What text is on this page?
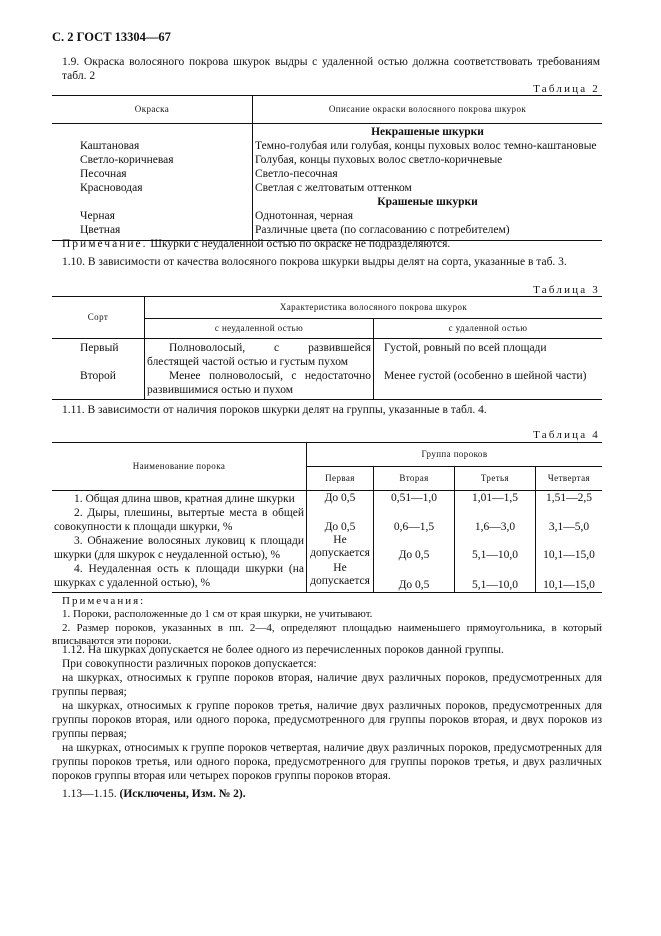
С. 2 ГОСТ 13304—67
1.9. Окраска волосяного покрова шкурок выдры с удаленной остью должна соответствовать требованиям табл. 2
Таблица 2
Окраска	Описание окраски волосяного покрова шкурок
	Некрашеные шкурки
Каштановая	Темно-голубая или голубая, концы пуховых волос темно-каштановые
Светло-коричневая	Голубая, концы пуховых волос светло-коричневые
Песочная	Светло-песочная
Красноводая	Светлая с желтоватым оттенком
	Крашеные шкурки
Черная	Однотонная, черная
Цветная	Различные цвета (по согласованию с потребителем)
Примечание. Шкурки с неудаленной остью по окраске не подразделяются.
1.10. В зависимости от качества волосяного покрова шкурки выдры делят на сорта, указанные в таб. 3.
Таблица 3
Сорт	Характеристика волосяного покрова шкурок	
	с неудаленной остью	с удаленной остью
Первый	Полноволосый, с развившейся блестящей частой остью и густым пухом	Густой, ровный по всей площади
Второй	Менее полноволосый, с недостаточно развившимися остью и пухом	Менее густой (особенно в шейной части)
1.11. В зависимости от наличия пороков шкурки делят на группы, указанные в табл. 4.
Таблица 4
Наименование порока	Группа пороков			
	Первая	Вторая	Третья	Четвертая
1. Общая длина швов, кратная длине шкурки	До 0,5	0,51—1,0	1,01—1,5	1,51—2,5
2. Дыры, плешины, вытертые места в общей совокупности к площади шкурки, %	До 0,5	0,6—1,5	1,6—3,0	3,1—5,0
3. Обнажение волосяных луковиц к площади шкурки (для шкурок с неудаленной остью), %	Не допускается	До 0,5	5,1—10,0	10,1—15,0
4. Неудаленная ость к площади шкурки (на шкурках с удаленной остью), %	Не допускается	До 0,5	5,1—10,0	10,1—15,0

Примечания:

1. Пороки, расположенные до 1 см от края шкурки, не учитывают.

2. Размер пороков, указанных в пп. 2—4, определяют площадью наименьшего прямоугольника, в который вписываются эти пороки.

1.12. На шкурках допускается не более одного из перечисленных пороков данной группы.

При совокупности различных пороков допускается:

на шкурках, относимых к группе пороков вторая, наличие двух различных пороков, предусмотренных для группы первая;

на шкурках, относимых к группе пороков третья, наличие двух различных пороков, предусмотренных для группы пороков вторая, или одного порока, предусмотренного для группы пороков вторая, и двух пороков из группы первая;

на шкурках, относимых к группе пороков четвертая, наличие двух различных пороков, предусмотренных для группы пороков третья, или одного порока, предусмотренного для группы пороков третья, и двух различных пороков группы вторая или четырех пороков группы пороков вторая.

1.13—1.15. (Исключены, Изм. № 2).
